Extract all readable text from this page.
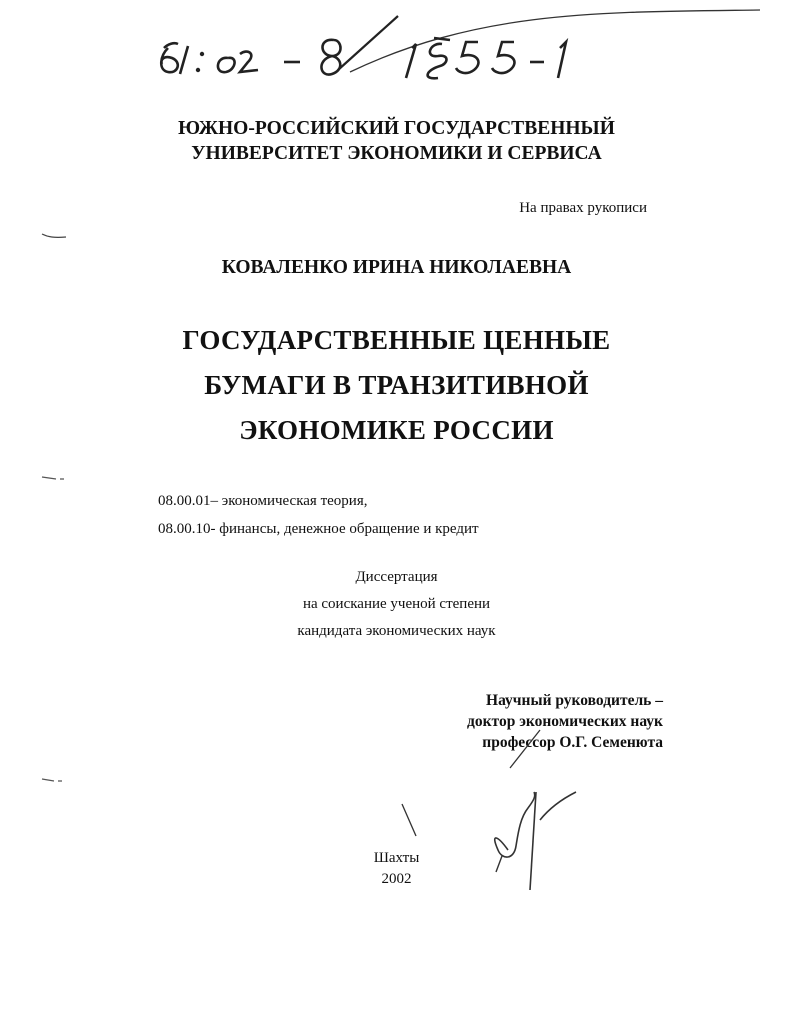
ЮЖНО-РОССИЙСКИЙ ГОСУДАРСТВЕННЫЙ
УНИВЕРСИТЕТ ЭКОНОМИКИ И СЕРВИСА
На правах рукописи
КОВАЛЕНКО ИРИНА НИКОЛАЕВНА
ГОСУДАРСТВЕННЫЕ ЦЕННЫЕ
БУМАГИ В ТРАНЗИТИВНОЙ
ЭКОНОМИКЕ РОССИИ
08.00.01– экономическая теория,
08.00.10- финансы, денежное обращение и кредит
Диссертация
на соискание ученой степени
кандидата экономических наук
Научный руководитель –
доктор экономических наук
профессор О.Г. Семенюта
Шахты
2002
